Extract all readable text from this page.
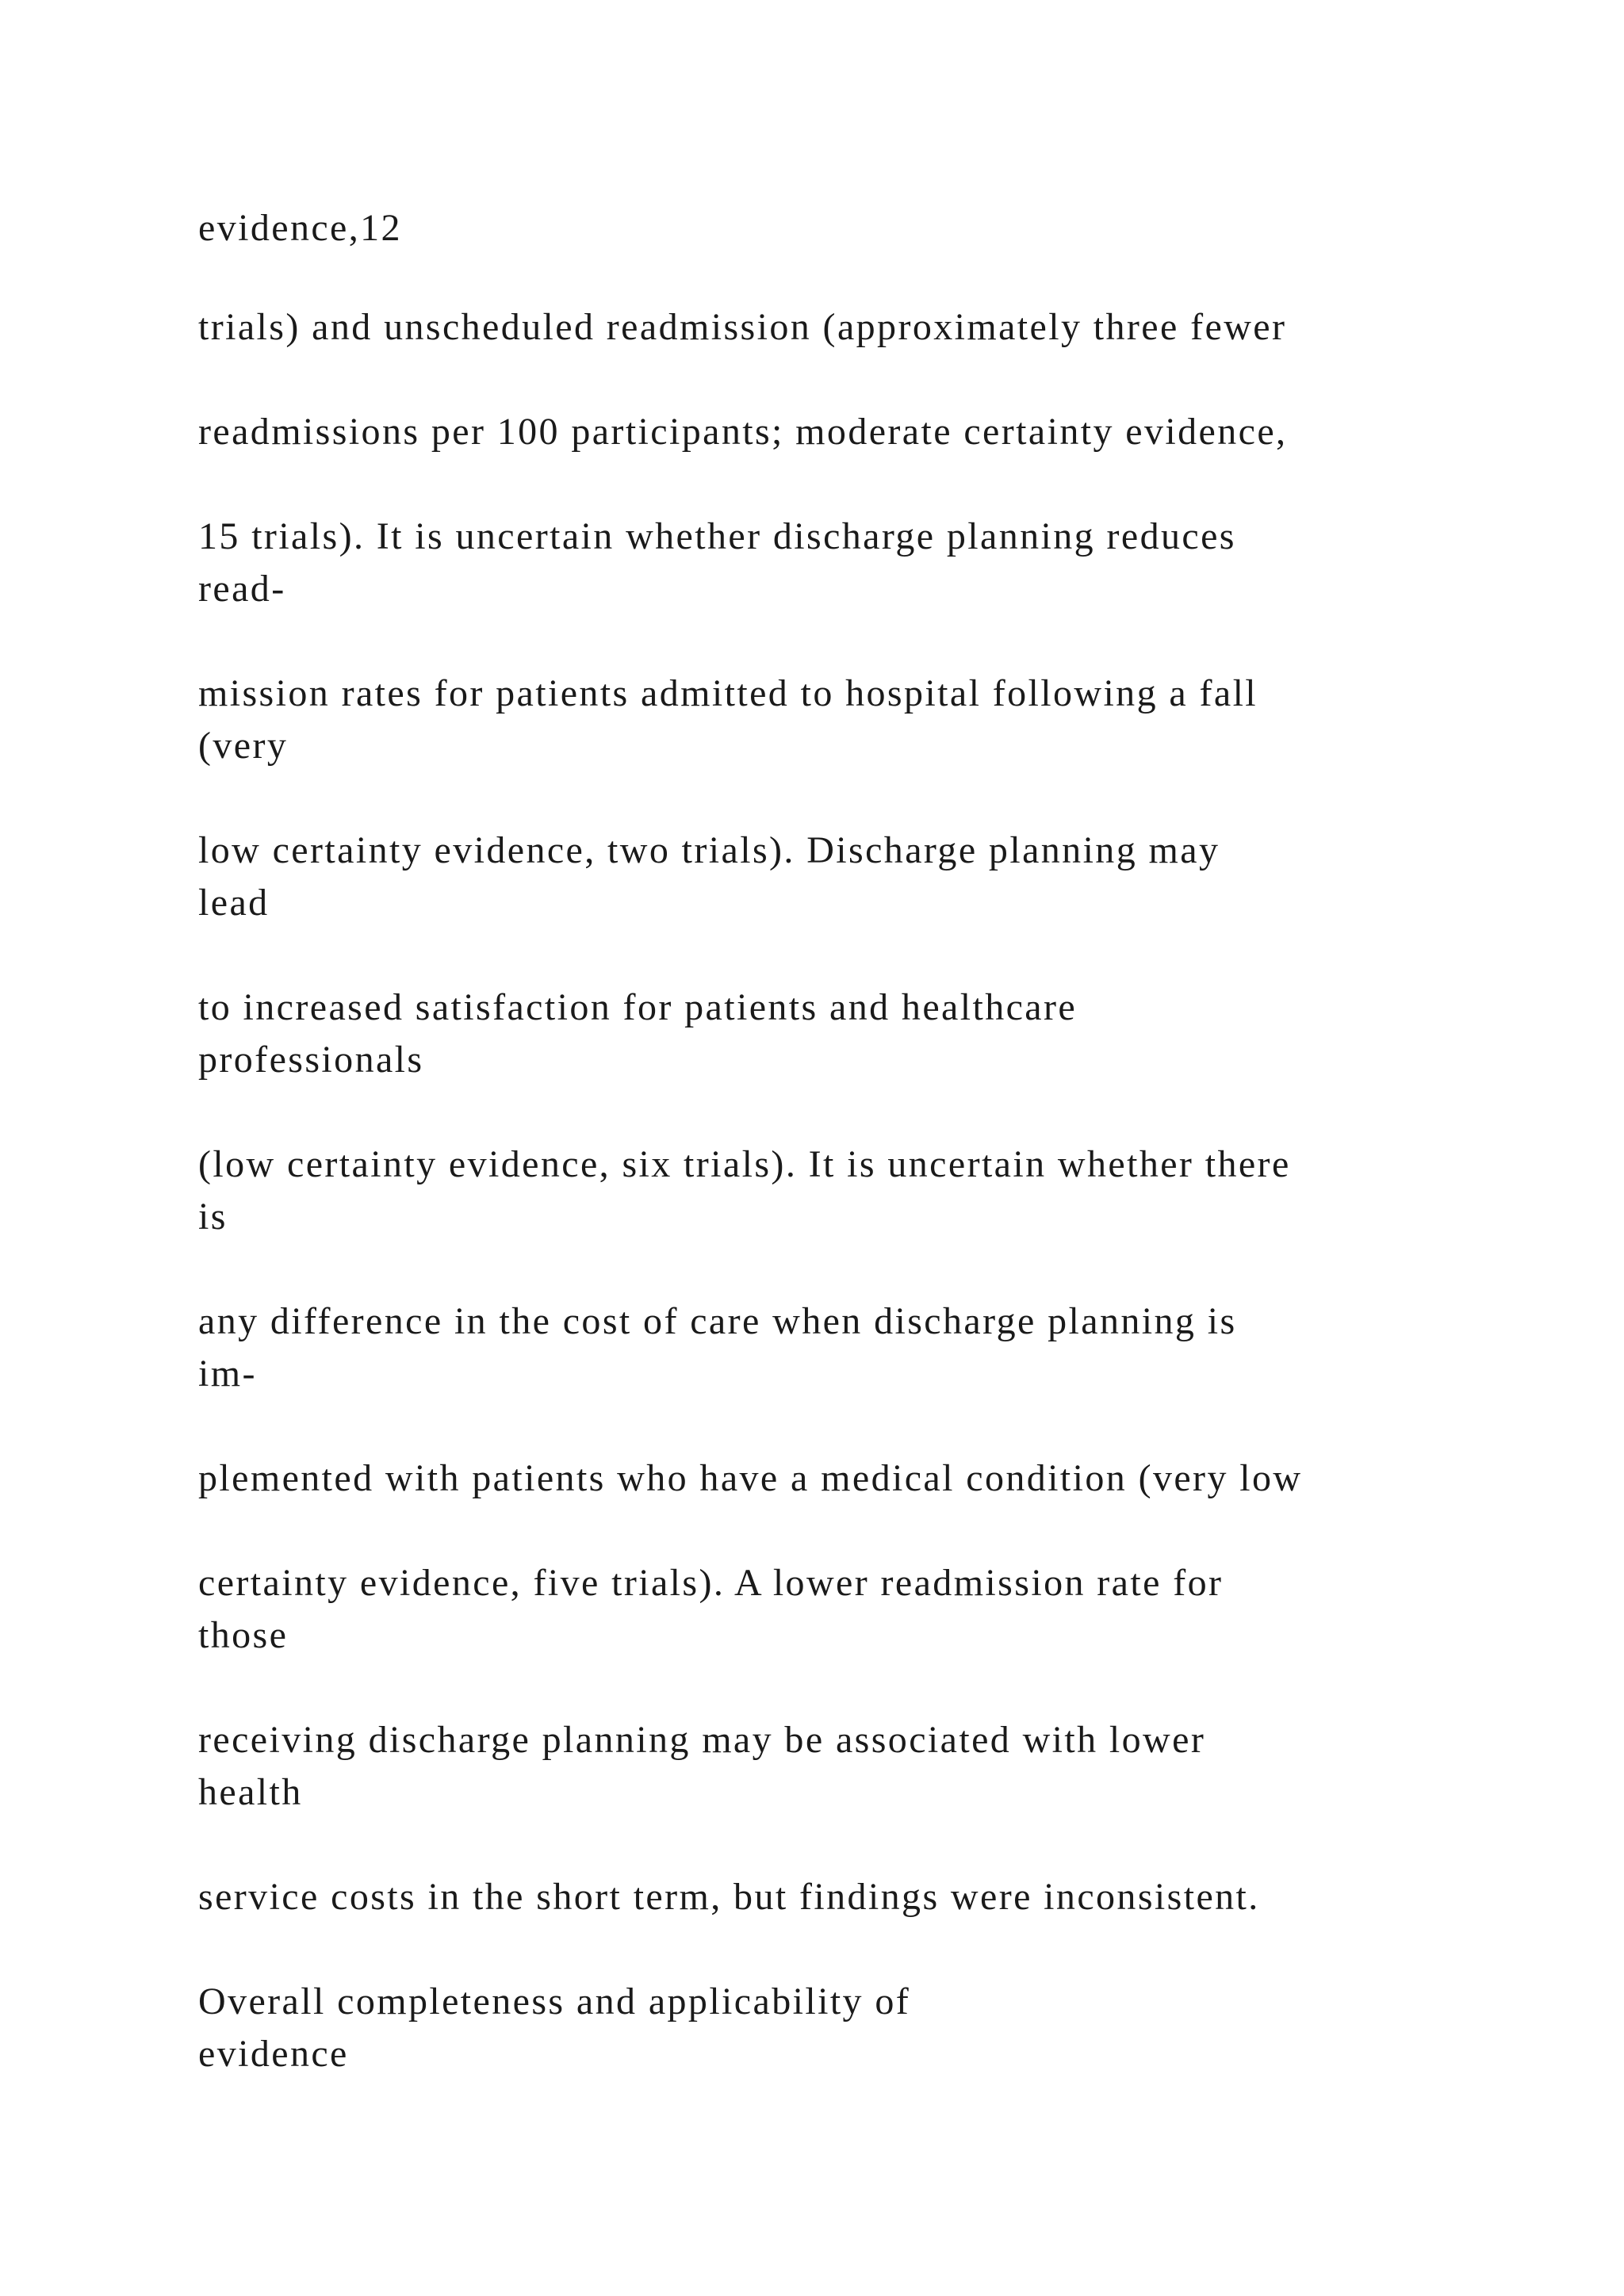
evidence,12

trials) and unscheduled readmission (approximately three fewer

readmissions per 100 participants; moderate certainty evidence,

15 trials). It is uncertain whether discharge planning reduces

read-

mission rates for patients admitted to hospital following a fall

(very

low certainty evidence, two trials). Discharge planning may

lead

to increased satisfaction for patients and healthcare

professionals

(low certainty evidence, six trials). It is uncertain whether there

is

any difference in the cost of care when discharge planning is

im-

plemented with patients who have a medical condition (very low

certainty evidence, five trials). A lower readmission rate for

those

receiving discharge planning may be associated with lower

health

service costs in the short term, but findings were inconsistent.

Overall completeness and applicability of

evidence
